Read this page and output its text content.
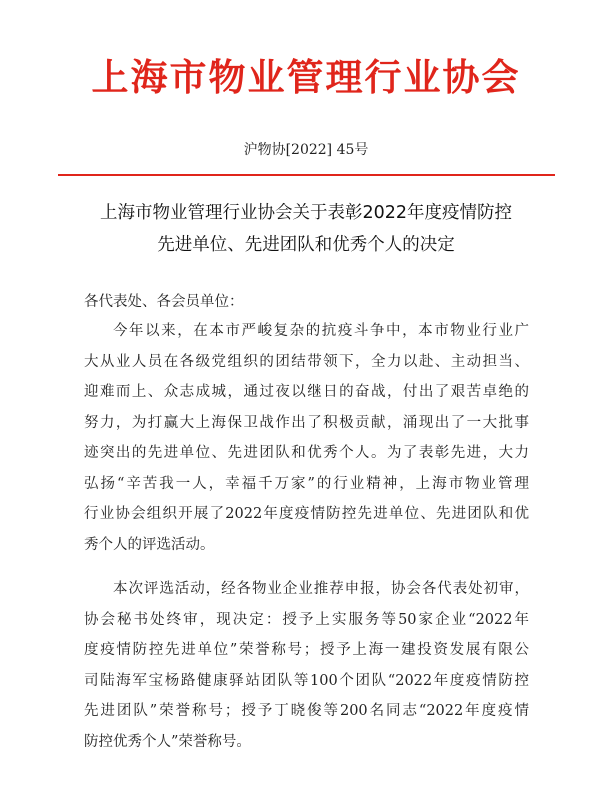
上海市物业管理行业协会
沪物协[2022] 45号
上海市物业管理行业协会关于表彰2022年度疫情防控
先进单位、先进团队和优秀个人的决定
各代表处、各会员单位：
今年以来，在本市严峻复杂的抗疫斗争中，本市物业行业广
大从业人员在各级党组织的团结带领下，全力以赴、主动担当、
迎难而上、众志成城，通过夜以继日的奋战，付出了艰苦卓绝的
努力，为打赢大上海保卫战作出了积极贡献，涌现出了一大批事
迹突出的先进单位、先进团队和优秀个人。为了表彰先进，大力
弘扬“辛苦我一人，幸福千万家”的行业精神，上海市物业管理
行业协会组织开展了2022年度疫情防控先进单位、先进团队和优
秀个人的评选活动。
本次评选活动，经各物业企业推荐申报，协会各代表处初审，
协会秘书处终审，现决定：授予上实服务等50家企业“2022年
度疫情防控先进单位”荣誉称号；授予上海一建投资发展有限公
司陆海军宝杨路健康驿站团队等100个团队“2022年度疫情防控
先进团队”荣誉称号；授予丁晓俊等200名同志“2022年度疫情
防控优秀个人”荣誉称号。
